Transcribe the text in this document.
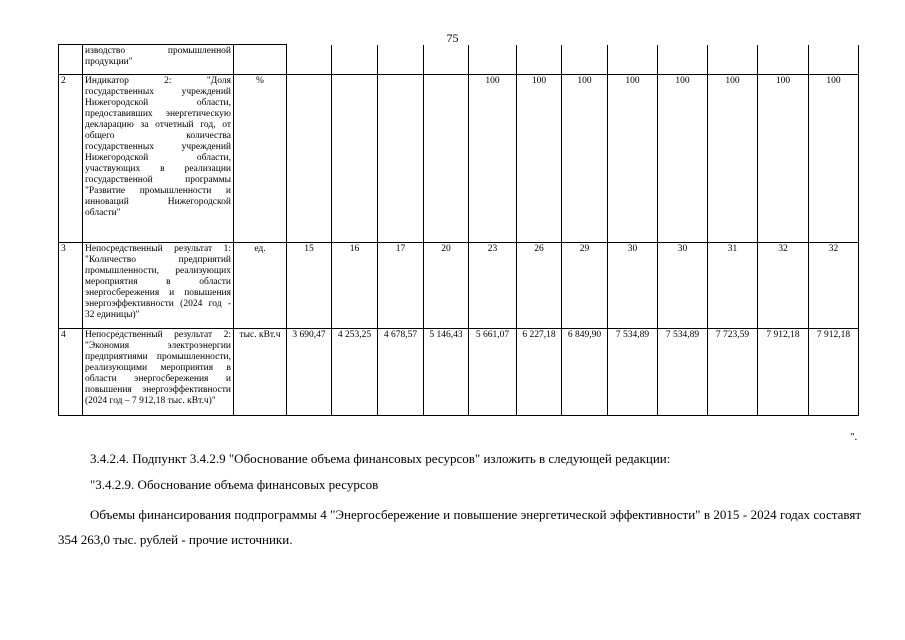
75
	изводство промышленной продукции"													
2	Индикатор 2: "Доля государственных учреждений Нижегородской области, предоставивших энергетическую декларацию за отчетный год, от общего количества государственных учреждений Нижегородской области, участвующих в реализации государственной программы "Развитие промышленности и инноваций Нижегородской области"	%					100	100	100	100	100	100	100	100
3	Непосредственный результат 1: "Количество предприятий промышленности, реализующих мероприятия в области энергосбережения и повышения энергоэффективности (2024 год - 32 единицы)"	ед.	15	16	17	20	23	26	29	30	30	31	32	32
4	Непосредственный результат 2: "Экономия электроэнергии предприятиями промышленности, реализующими мероприятия в области энергосбережения и повышения энергоэффективности (2024 год – 7 912,18 тыс. кВт.ч)"	тыс. кВт.ч	3 690,47	4 253,25	4 678,57	5 146,43	5 661,07	6 227,18	6 849,90	7 534,89	7 534,89	7 723,59	7 912,18	7 912,18
".
3.4.2.4. Подпункт 3.4.2.9 "Обоснование объема финансовых ресурсов" изложить в следующей редакции:
"3.4.2.9. Обоснование объема финансовых ресурсов
Объемы финансирования подпрограммы 4 "Энергосбережение и повышение энергетической эффективности" в 2015 - 2024 годах составят 354 263,0 тыс. рублей - прочие источники.
